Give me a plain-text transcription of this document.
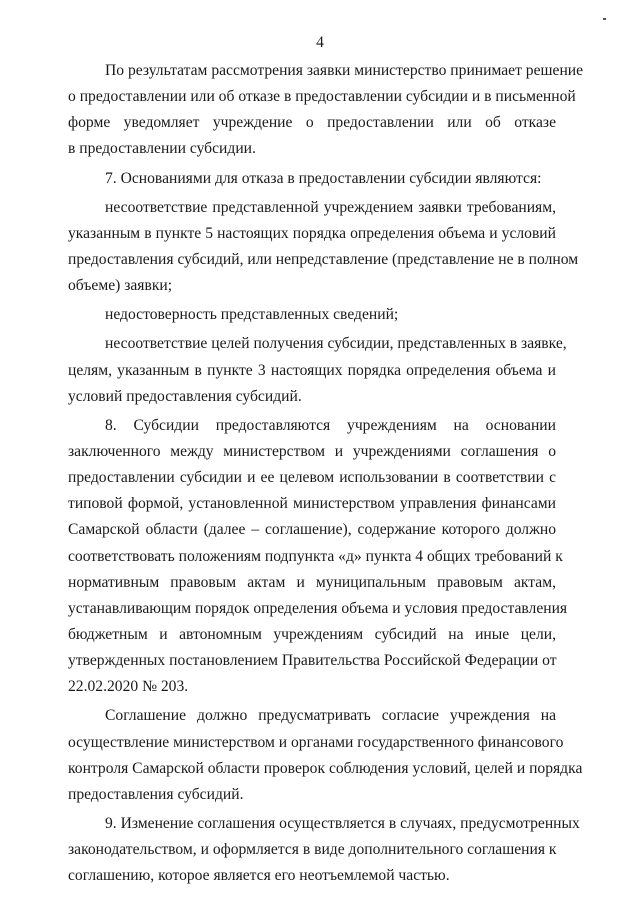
4
По результатам рассмотрения заявки министерство принимает решение
о предоставлении или об отказе в предоставлении субсидии и в письменной
форме уведомляет учреждение о предоставлении или об отказе
в предоставлении субсидии.
7. Основаниями для отказа в предоставлении субсидии являются:
несоответствие представленной учреждением заявки требованиям,
указанным в пункте 5 настоящих порядка определения объема и условий
предоставления субсидий, или непредставление (представление не в полном
объеме) заявки;
недостоверность представленных сведений;
несоответствие целей получения субсидии, представленных в заявке,
целям, указанным в пункте 3 настоящих порядка определения объема и
условий предоставления субсидий.
8. Субсидии предоставляются учреждениям на основании
заключенного между министерством и учреждениями соглашения о
предоставлении субсидии и ее целевом использовании в соответствии с
типовой формой, установленной министерством управления финансами
Самарской области (далее – соглашение), содержание которого должно
соответствовать положениям подпункта «д» пункта 4 общих требований к
нормативным правовым актам и муниципальным правовым актам,
устанавливающим порядок определения объема и условия предоставления
бюджетным и автономным учреждениям субсидий на иные цели,
утвержденных постановлением Правительства Российской Федерации от
22.02.2020 № 203.
Соглашение должно предусматривать согласие учреждения на
осуществление министерством и органами государственного финансового
контроля Самарской области проверок соблюдения условий, целей и порядка
предоставления субсидий.
9. Изменение соглашения осуществляется в случаях, предусмотренных
законодательством, и оформляется в виде дополнительного соглашения к
соглашению, которое является его неотъемлемой частью.
